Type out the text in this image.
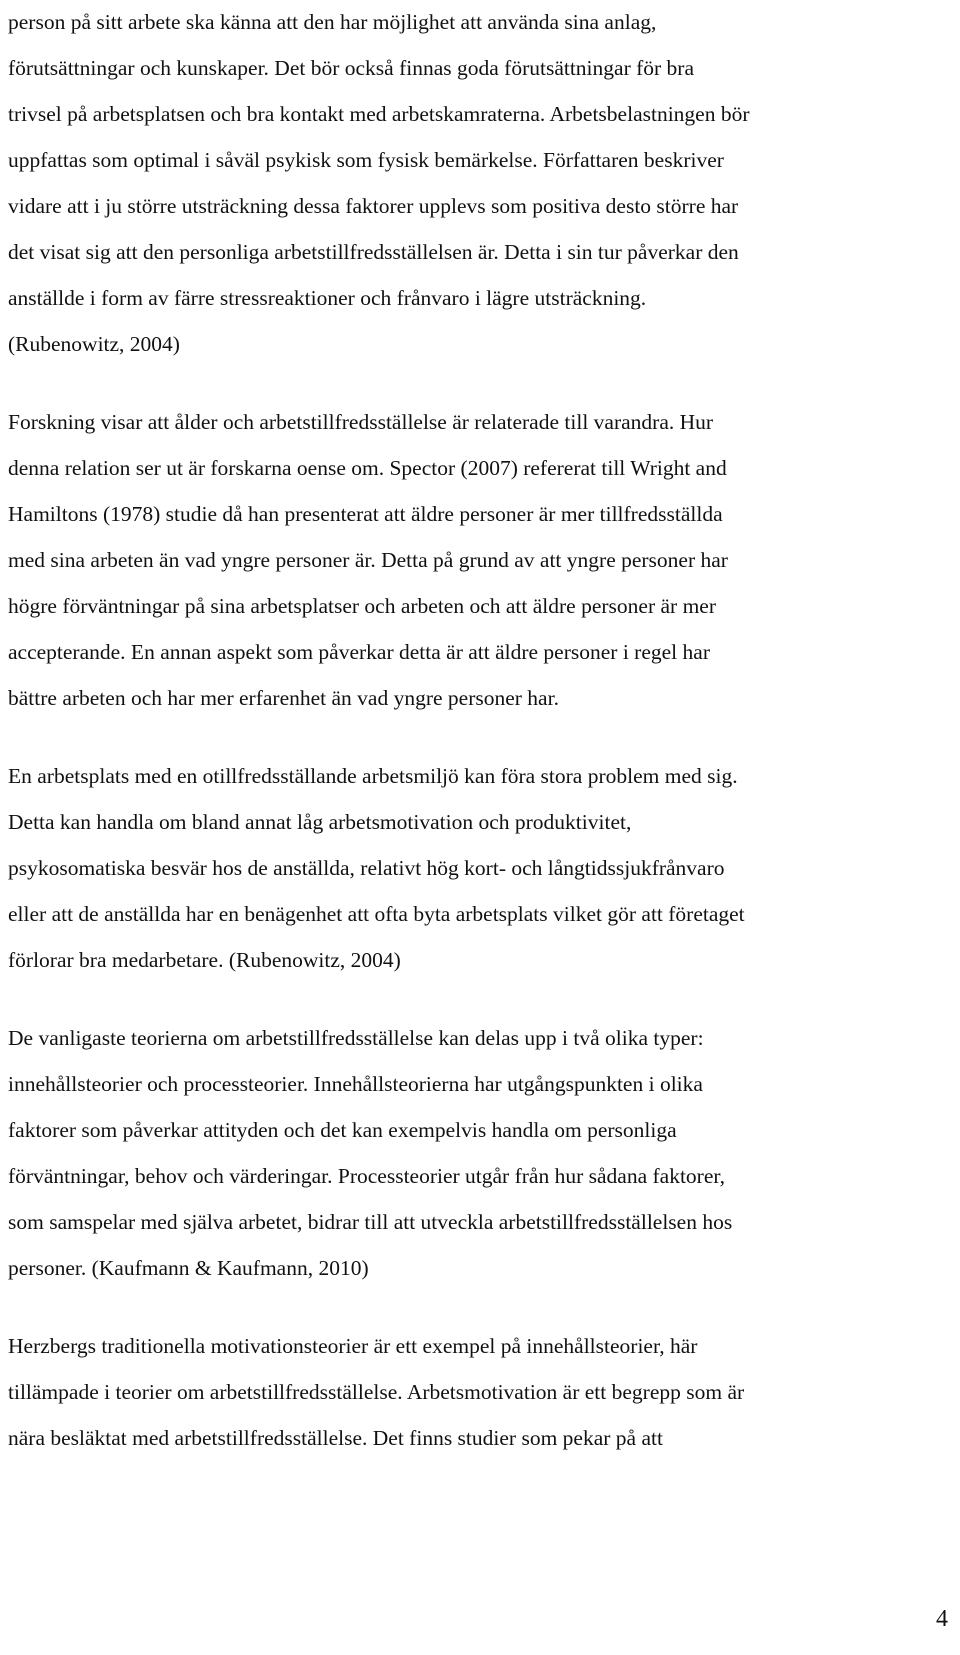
person på sitt arbete ska känna att den har möjlighet att använda sina anlag,
förutsättningar och kunskaper. Det bör också finnas goda förutsättningar för bra
trivsel på arbetsplatsen och bra kontakt med arbetskamraterna. Arbetsbelastningen bör
uppfattas som optimal i såväl psykisk som fysisk bemärkelse. Författaren beskriver
vidare att i ju större utsträckning dessa faktorer upplevs som positiva desto större har
det visat sig att den personliga arbetstillfredsställelsen är. Detta i sin tur påverkar den
anställde i form av färre stressreaktioner och frånvaro i lägre utsträckning.
(Rubenowitz, 2004)
Forskning visar att ålder och arbetstillfredsställelse är relaterade till varandra. Hur
denna relation ser ut är forskarna oense om. Spector (2007) refererat till Wright and
Hamiltons (1978) studie då han presenterat att äldre personer är mer tillfredsställda
med sina arbeten än vad yngre personer är. Detta på grund av att yngre personer har
högre förväntningar på sina arbetsplatser och arbeten och att äldre personer är mer
accepterande. En annan aspekt som påverkar detta är att äldre personer i regel har
bättre arbeten och har mer erfarenhet än vad yngre personer har.
En arbetsplats med en otillfredsställande arbetsmiljö kan föra stora problem med sig.
Detta kan handla om bland annat låg arbetsmotivation och produktivitet,
psykosomatiska besvär hos de anställda, relativt hög kort- och långtidssjukfrånvaro
eller att de anställda har en benägenhet att ofta byta arbetsplats vilket gör att företaget
förlorar bra medarbetare. (Rubenowitz, 2004)
De vanligaste teorierna om arbetstillfredsställelse kan delas upp i två olika typer:
innehållsteorier och processteorier. Innehållsteorierna har utgångspunkten i olika
faktorer som påverkar attityden och det kan exempelvis handla om personliga
förväntningar, behov och värderingar. Processteorier utgår från hur sådana faktorer,
som samspelar med själva arbetet, bidrar till att utveckla arbetstillfredsställelsen hos
personer. (Kaufmann & Kaufmann, 2010)
Herzbergs traditionella motivationsteorier är ett exempel på innehållsteorier, här
tillämpade i teorier om arbetstillfredsställelse. Arbetsmotivation är ett begrepp som är
nära besläktat med arbetstillfredsställelse. Det finns studier som pekar på att
4
